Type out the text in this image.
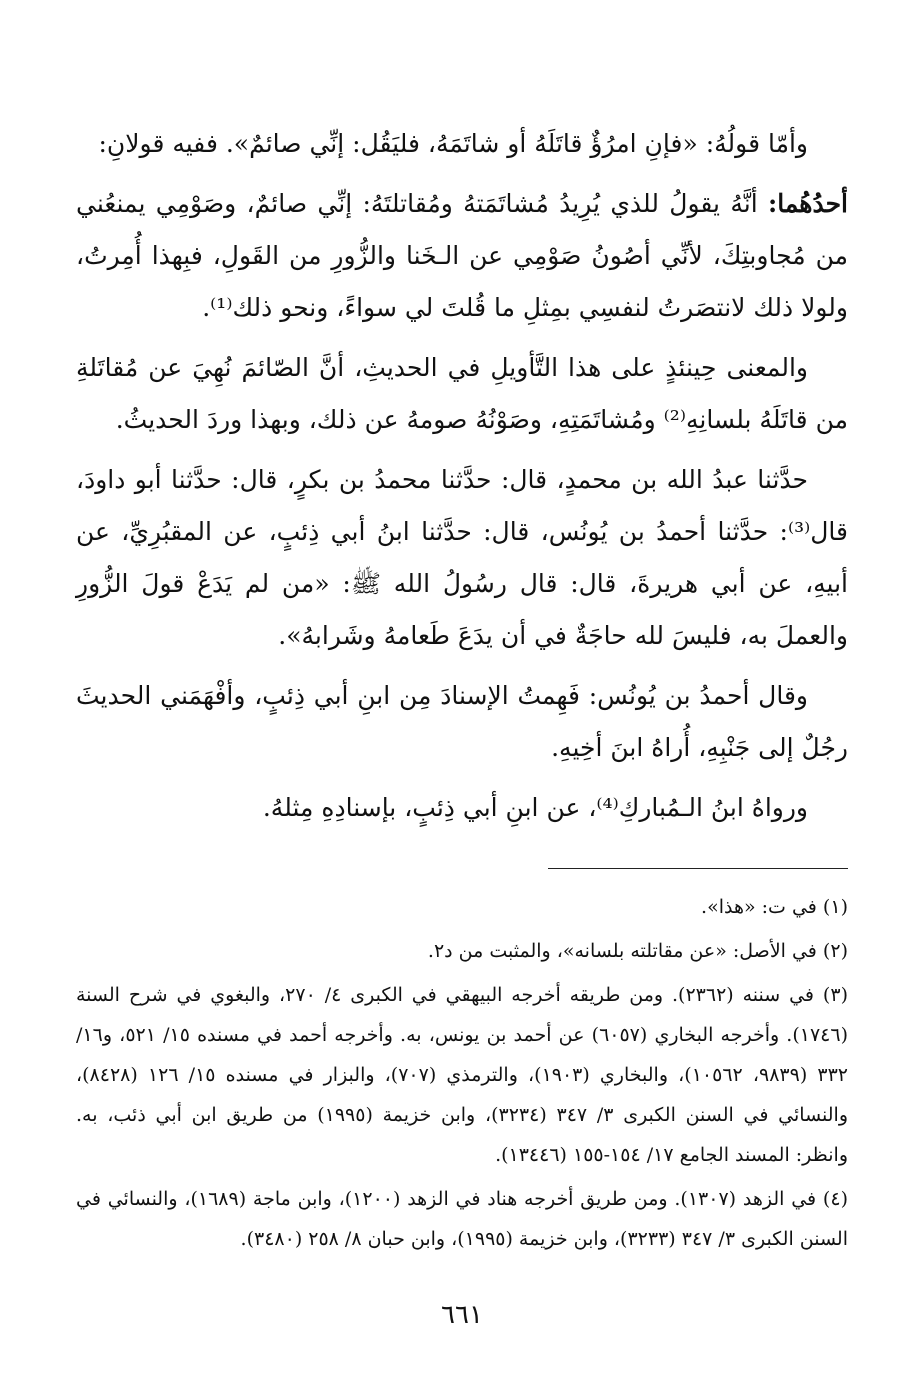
وأمّا قولُهُ: «فإنِ امرُؤٌ قاتَلَهُ أو شاتَمَهُ، فليَقُل: إنِّي صائمٌ». ففيه قولانِ:

أحدُهُما: أنَّهُ يقولُ للذي يُرِيدُ مُشاتَمَتهُ ومُقاتلتَهُ: إنِّي صائمٌ، وصَوْمِي يمنعُني من مُجاوبتِكَ، لأنِّي أصُونُ صَوْمِي عن الـخَنا والزُّورِ من القَولِ، فبِهذا أُمِرتُ، ولولا ذلك لانتصَرتُ لنفسِي بمِثلِ ما قُلتَ لي سواءً، ونحو ذلك⁽¹⁾.

والمعنى حِينئذٍ على هذا التَّأويلِ في الحديثِ، أنَّ الصّائمَ نُهِيَ عن مُقاتَلةِ من قاتَلَهُ بلسانِهِ⁽²⁾ ومُشاتَمَتِهِ، وصَوْنُهُ صومهُ عن ذلك، وبهذا وردَ الحديثُ.

حدَّثنا عبدُ الله بن محمدٍ، قال: حدَّثنا محمدُ بن بكرٍ، قال: حدَّثنا أبو داودَ، قال⁽³⁾: حدَّثنا أحمدُ بن يُونُس، قال: حدَّثنا ابنُ أبي ذِئبٍ، عن المقبُرِيِّ، عن أبيهِ، عن أبي هريرةَ، قال: قال رسُولُ الله ﷺ: «من لم يَدَعْ قولَ الزُّورِ والعملَ به، فليسَ لله حاجَةٌ في أن يدَعَ طَعامهُ وشَرابهُ».

وقال أحمدُ بن يُونُس: فَهِمتُ الإسنادَ مِن ابنِ أبي ذِئبٍ، وأفْهَمَني الحديثَ رجُلٌ إلى جَنْبِهِ، أُراهُ ابنَ أخِيهِ.

ورواهُ ابنُ الـمُباركِ⁽⁴⁾، عن ابنِ أبي ذِئبٍ، بإسنادِهِ مِثلهُ.

(١) في ت: «هذا».

(٢) في الأصل: «عن مقاتلته بلسانه»، والمثبت من د٢.

(٣) في سننه (٢٣٦٢). ومن طريقه أخرجه البيهقي في الكبرى ٤/ ٢٧٠، والبغوي في شرح السنة (١٧٤٦). وأخرجه البخاري (٦٠٥٧) عن أحمد بن يونس، به. وأخرجه أحمد في مسنده ١٥/ ٥٢١، و١٦/ ٣٣٢ (٩٨٣٩، ١٠٥٦٢)، والبخاري (١٩٠٣)، والترمذي (٧٠٧)، والبزار في مسنده ١٥/ ١٢٦ (٨٤٢٨)، والنسائي في السنن الكبرى ٣/ ٣٤٧ (٣٢٣٤)، وابن خزيمة (١٩٩٥) من طريق ابن أبي ذئب، به. وانظر: المسند الجامع ١٧/ ١٥٤-١٥٥ (١٣٤٤٦).

(٤) في الزهد (١٣٠٧). ومن طريق أخرجه هناد في الزهد (١٢٠٠)، وابن ماجة (١٦٨٩)، والنسائي في السنن الكبرى ٣/ ٣٤٧ (٣٢٣٣)، وابن خزيمة (١٩٩٥)، وابن حبان ٨/ ٢٥٨ (٣٤٨٠).

٦٦١
